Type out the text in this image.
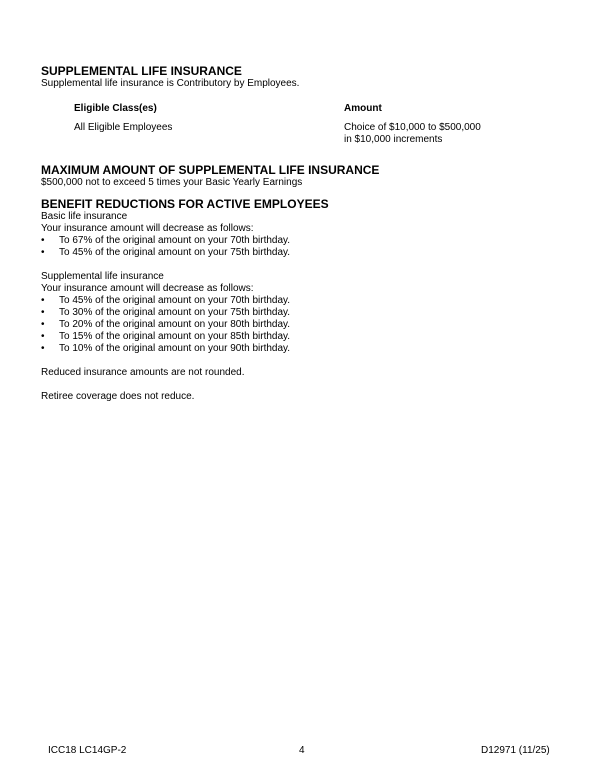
SUPPLEMENTAL LIFE INSURANCE

Supplemental life insurance is Contributory by Employees.

Eligible Class(es)
All Eligible Employees
Amount
Choice of $10,000 to $500,000
in $10,000 increments
MAXIMUM AMOUNT OF SUPPLEMENTAL LIFE INSURANCE

$500,000 not to exceed 5 times your Basic Yearly Earnings

BENEFIT REDUCTIONS FOR ACTIVE EMPLOYEES

Basic life insurance

Your insurance amount will decrease as follows:

• To 67% of the original amount on your 70th birthday.
• To 45% of the original amount on your 75th birthday.

Supplemental life insurance

Your insurance amount will decrease as follows:

• To 45% of the original amount on your 70th birthday.
• To 30% of the original amount on your 75th birthday.
• To 20% of the original amount on your 80th birthday.
• To 15% of the original amount on your 85th birthday.
• To 10% of the original amount on your 90th birthday.

Reduced insurance amounts are not rounded.

Retiree coverage does not reduce.

ICC18 LC14GP-2	4	D12971 (11/25)
